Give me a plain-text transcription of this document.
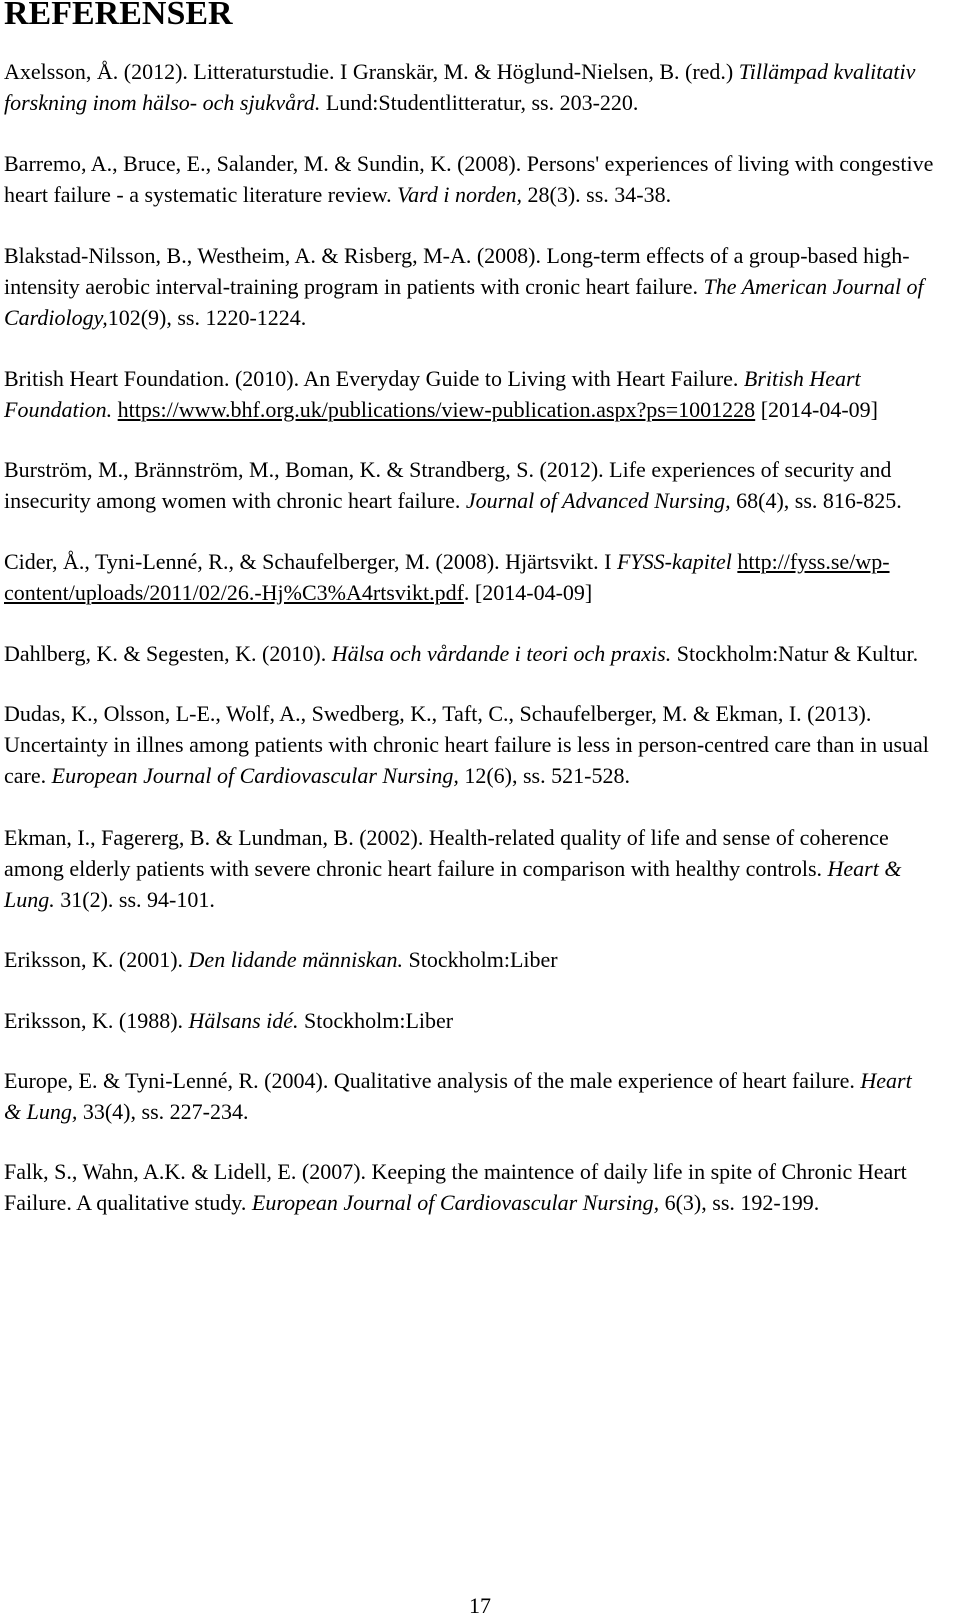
REFERENSER

Axelsson, Å. (2012). Litteraturstudie. I Granskär, M. & Höglund-Nielsen, B. (red.) Tillämpad kvalitativ forskning inom hälso- och sjukvård. Lund:Studentlitteratur, ss. 203-220.

Barremo, A., Bruce, E., Salander, M. & Sundin, K. (2008). Persons' experiences of living with congestive heart failure - a systematic literature review. Vard i norden, 28(3). ss. 34-38.

Blakstad-Nilsson, B., Westheim, A. & Risberg, M-A. (2008). Long-term effects of a group-based high-intensity aerobic interval-training program in patients with cronic heart failure. The American Journal of Cardiology,102(9), ss. 1220-1224.

British Heart Foundation. (2010). An Everyday Guide to Living with Heart Failure. British Heart Foundation. https://www.bhf.org.uk/publications/view-publication.aspx?ps=1001228 [2014-04-09]

Burström, M., Brännström, M., Boman, K. & Strandberg, S. (2012). Life experiences of security and insecurity among women with chronic heart failure. Journal of Advanced Nursing, 68(4), ss. 816-825.

Cider, Å., Tyni-Lenné, R., & Schaufelberger, M. (2008). Hjärtsvikt. I FYSS-kapitel http://fyss.se/wp-content/uploads/2011/02/26.-Hj%C3%A4rtsvikt.pdf. [2014-04-09]

Dahlberg, K. & Segesten, K. (2010). Hälsa och vårdande i teori och praxis. Stockholm:Natur & Kultur.

Dudas, K., Olsson, L-E., Wolf, A., Swedberg, K., Taft, C., Schaufelberger, M. & Ekman, I. (2013). Uncertainty in illnes among patients with chronic heart failure is less in person-centred care than in usual care. European Journal of Cardiovascular Nursing, 12(6), ss. 521-528.

Ekman, I., Fagererg, B. & Lundman, B. (2002). Health-related quality of life and sense of coherence among elderly patients with severe chronic heart failure in comparison with healthy controls. Heart & Lung. 31(2). ss. 94-101.

Eriksson, K. (2001). Den lidande människan. Stockholm:Liber

Eriksson, K. (1988). Hälsans idé. Stockholm:Liber

Europe, E. & Tyni-Lenné, R. (2004). Qualitative analysis of the male experience of heart failure. Heart & Lung, 33(4), ss. 227-234.

Falk, S., Wahn, A.K. & Lidell, E. (2007). Keeping the maintence of daily life in spite of Chronic Heart Failure. A qualitative study. European Journal of Cardiovascular Nursing, 6(3), ss. 192-199.

17
